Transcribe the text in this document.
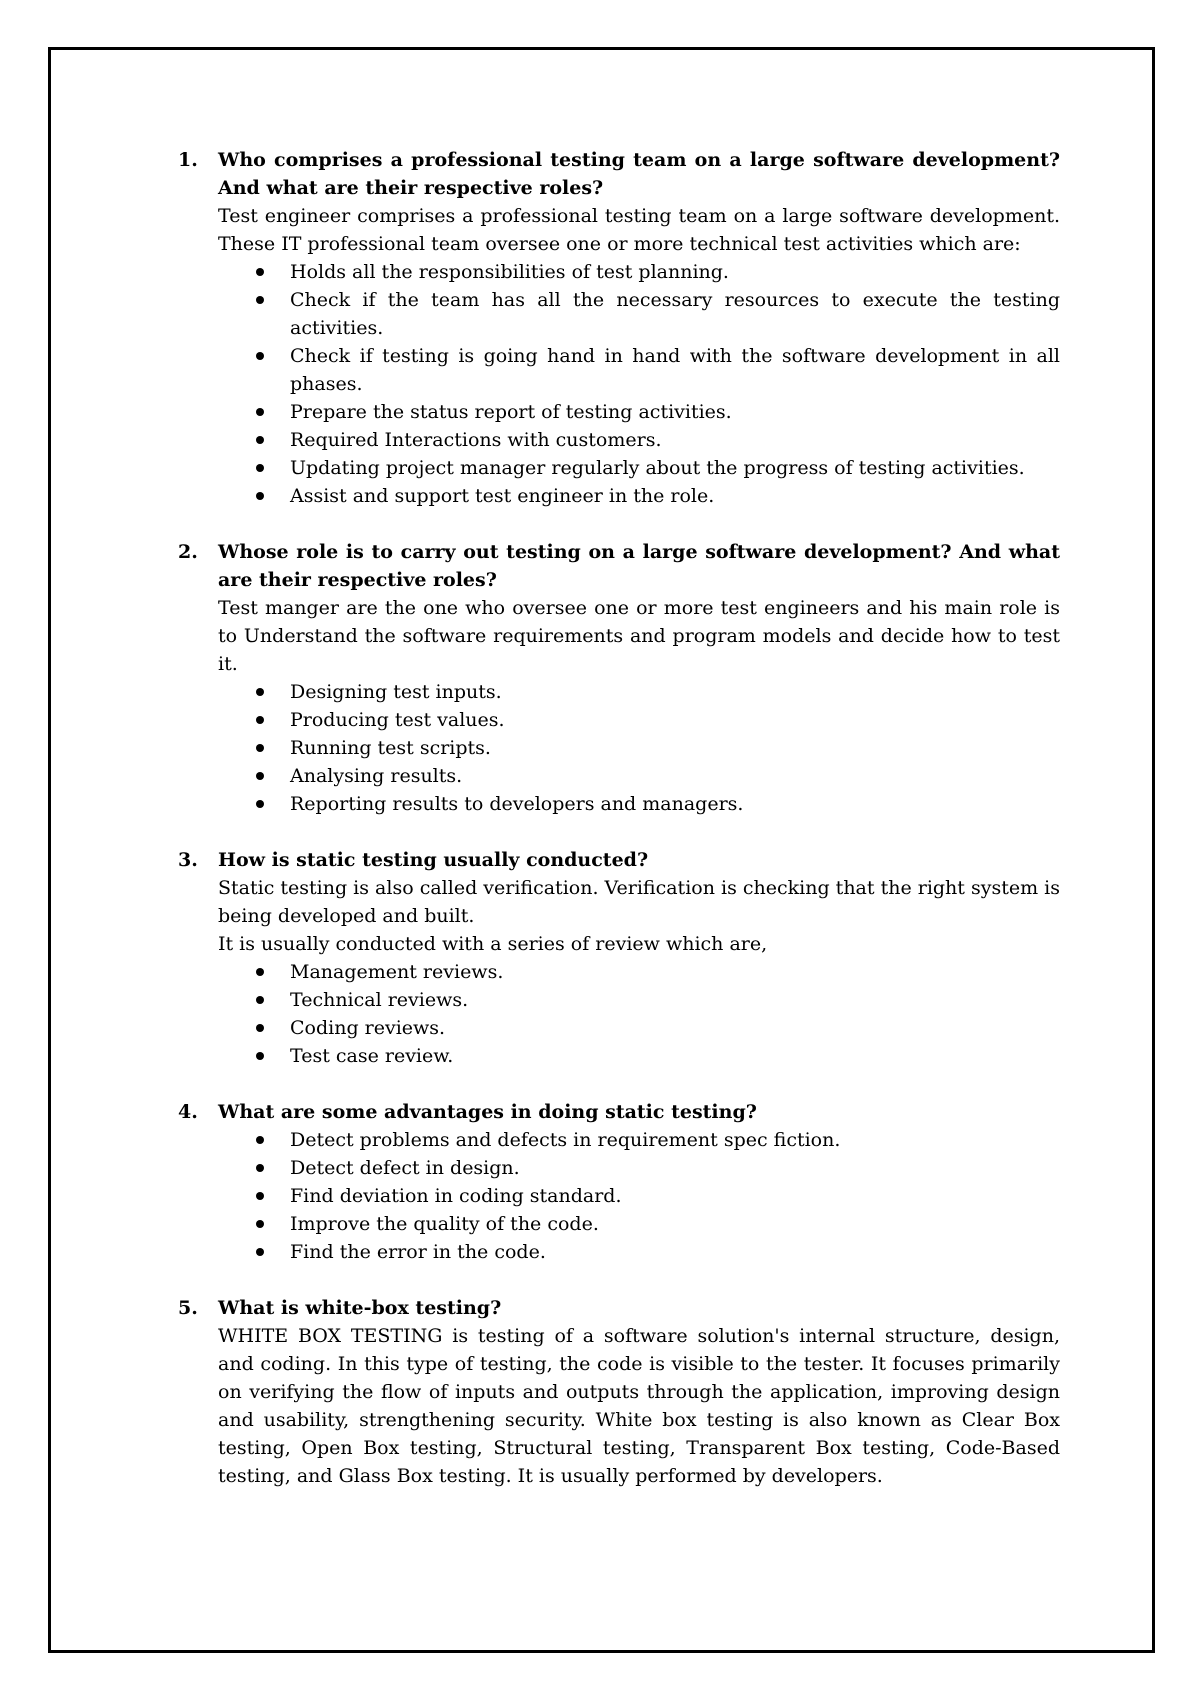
1. Who comprises a professional testing team on a large software development? And what are their respective roles?
Test engineer comprises a professional testing team on a large software development. These IT professional team oversee one or more technical test activities which are:
Holds all the responsibilities of test planning.
Check if the team has all the necessary resources to execute the testing activities.
Check if testing is going hand in hand with the software development in all phases.
Prepare the status report of testing activities.
Required Interactions with customers.
Updating project manager regularly about the progress of testing activities.
Assist and support test engineer in the role.
2. Whose role is to carry out testing on a large software development? And what are their respective roles?
Test manger are the one who oversee one or more test engineers and his main role is to Understand the software requirements and program models and decide how to test it.
Designing test inputs.
Producing test values.
Running test scripts.
Analysing results.
Reporting results to developers and managers.
3. How is static testing usually conducted?
Static testing is also called verification. Verification is checking that the right system is being developed and built.
It is usually conducted with a series of review which are,
Management reviews.
Technical reviews.
Coding reviews.
Test case review.
4. What are some advantages in doing static testing?
Detect problems and defects in requirement spec fiction.
Detect defect in design.
Find deviation in coding standard.
Improve the quality of the code.
Find the error in the code.
5. What is white-box testing?
WHITE BOX TESTING is testing of a software solution's internal structure, design, and coding. In this type of testing, the code is visible to the tester. It focuses primarily on verifying the flow of inputs and outputs through the application, improving design and usability, strengthening security. White box testing is also known as Clear Box testing, Open Box testing, Structural testing, Transparent Box testing, Code-Based testing, and Glass Box testing. It is usually performed by developers.
